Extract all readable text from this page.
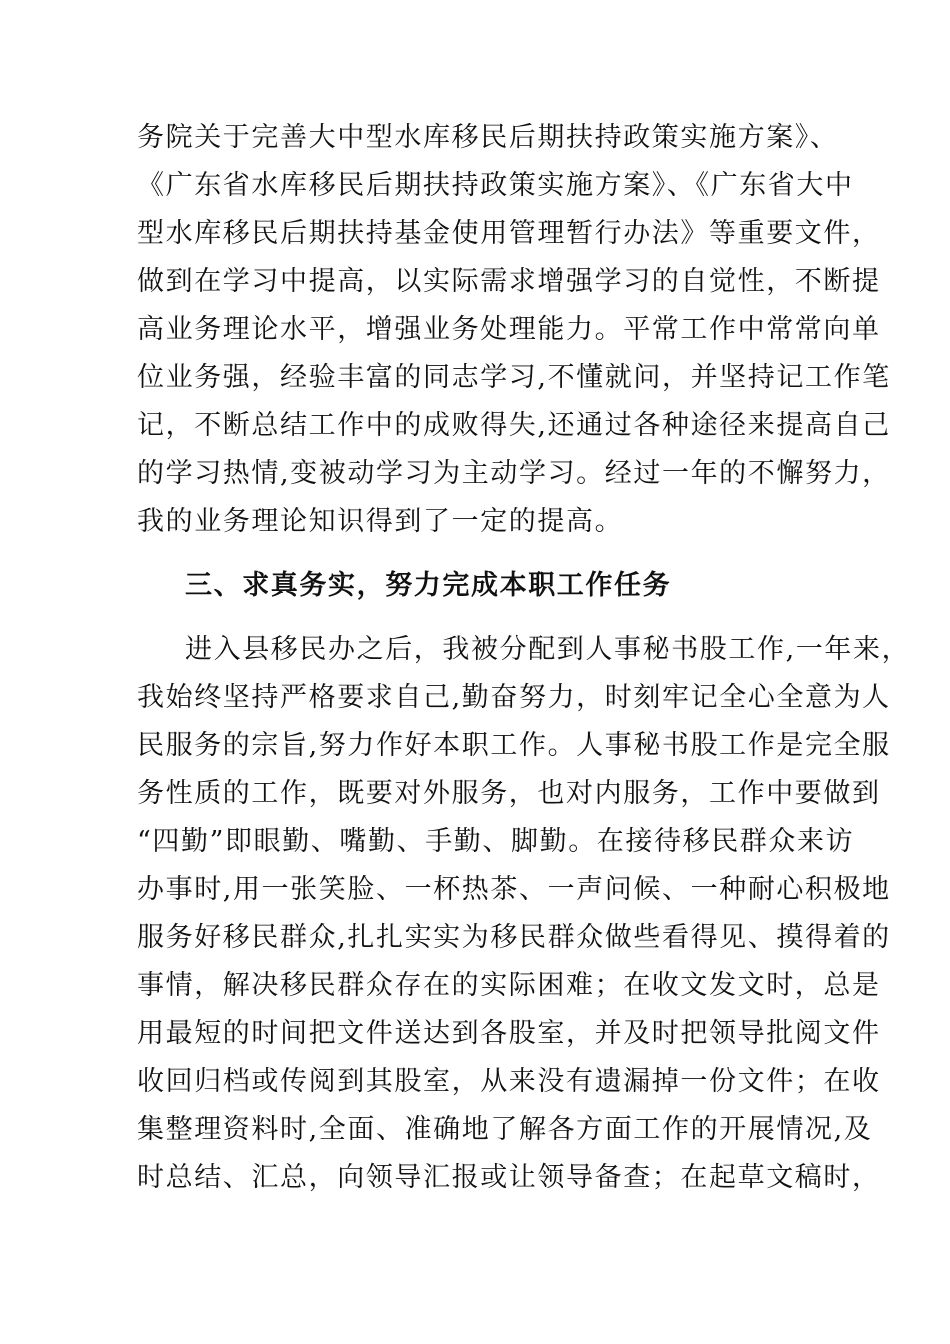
务院关于完善大中型水库移民后期扶持政策实施方案》、
《广东省水库移民后期扶持政策实施方案》、《广东省大中
型水库移民后期扶持基金使用管理暂行办法》等重要文件，
做到在学习中提高，以实际需求增强学习的自觉性，不断提
高业务理论水平，增强业务处理能力。平常工作中常常向单
位业务强，经验丰富的同志学习,不懂就问，并坚持记工作笔
记，不断总结工作中的成败得失,还通过各种途径来提高自己
的学习热情,变被动学习为主动学习。经过一年的不懈努力，
我的业务理论知识得到了一定的提高。
三、求真务实，努力完成本职工作任务
进入县移民办之后，我被分配到人事秘书股工作,一年来，
我始终坚持严格要求自己,勤奋努力，时刻牢记全心全意为人
民服务的宗旨,努力作好本职工作。人事秘书股工作是完全服
务性质的工作，既要对外服务，也对内服务，工作中要做到
“四勤”即眼勤、嘴勤、手勤、脚勤。在接待移民群众来访
办事时,用一张笑脸、一杯热茶、一声问候、一种耐心积极地
服务好移民群众,扎扎实实为移民群众做些看得见、摸得着的
事情，解决移民群众存在的实际困难；在收文发文时，总是
用最短的时间把文件送达到各股室，并及时把领导批阅文件
收回归档或传阅到其股室，从来没有遗漏掉一份文件；在收
集整理资料时,全面、准确地了解各方面工作的开展情况,及
时总结、汇总，向领导汇报或让领导备查；在起草文稿时，
